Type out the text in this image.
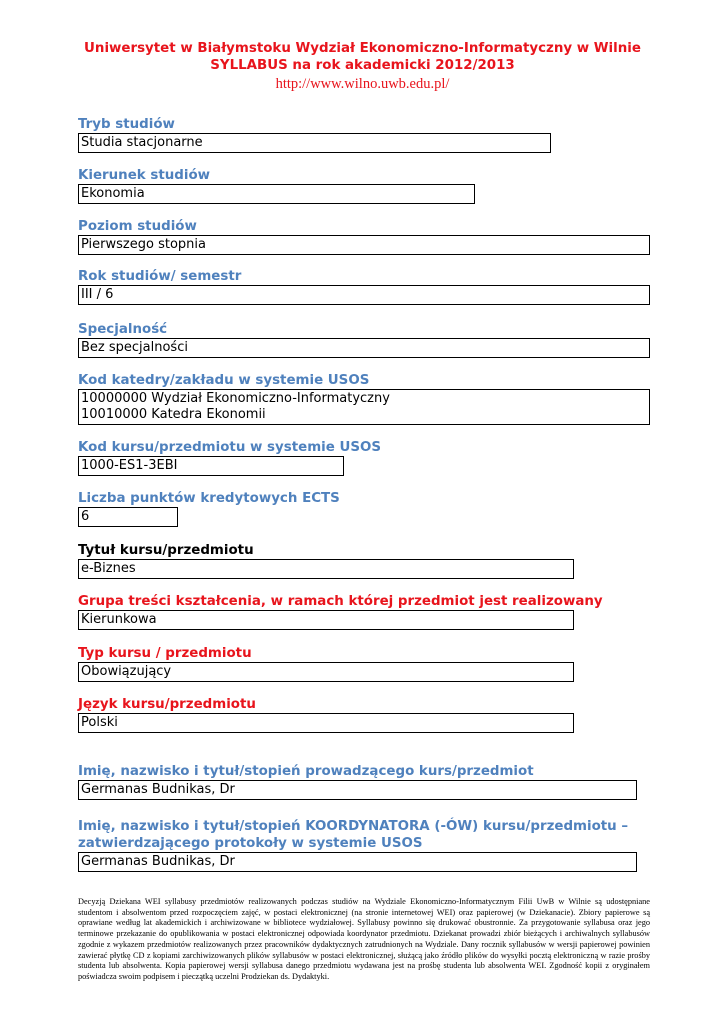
Uniwersytet w Białymstoku Wydział Ekonomiczno-Informatyczny w Wilnie
SYLLABUS na rok akademicki 2012/2013
http://www.wilno.uwb.edu.pl/
Tryb studiów
Studia stacjonarne
Kierunek studiów
Ekonomia
Poziom studiów
Pierwszego stopnia
Rok studiów/ semestr
III / 6
Specjalność
Bez specjalności
Kod katedry/zakładu w systemie USOS
10000000 Wydział Ekonomiczno-Informatyczny
10010000 Katedra Ekonomii
Kod kursu/przedmiotu w systemie USOS
1000-ES1-3EBI
Liczba punktów kredytowych ECTS
6
Tytuł kursu/przedmiotu
e-Biznes
Grupa treści kształcenia, w ramach której przedmiot jest realizowany
Kierunkowa
Typ kursu / przedmiotu
Obowiązujący
Język kursu/przedmiotu
Polski
Imię, nazwisko i tytuł/stopień prowadzącego kurs/przedmiot
Germanas Budnikas, Dr
Imię, nazwisko i tytuł/stopień KOORDYNATORA (-ÓW) kursu/przedmiotu –
zatwierdzającego protokoły w systemie USOS
Germanas Budnikas, Dr
Decyzją Dziekana WEI syllabusy przedmiotów realizowanych podczas studiów na Wydziale Ekonomiczno-Informatycznym Filii UwB w Wilnie są udostępniane studentom i absolwentom przed rozpoczęciem zajęć, w postaci elektronicznej (na stronie internetowej WEI) oraz papierowej (w Dziekanacie). Zbiory papierowe są oprawiane według lat akademickich i archiwizowane w bibliotece wydziałowej. Syllabusy powinno się drukować obustronnie. Za przygotowanie syllabusa oraz jego terminowe przekazanie do opublikowania w postaci elektronicznej odpowiada koordynator przedmiotu. Dziekanat prowadzi zbiór bieżących i archiwalnych syllabusów zgodnie z wykazem przedmiotów realizowanych przez pracowników dydaktycznych zatrudnionych na Wydziale. Dany rocznik syllabusów w wersji papierowej powinien zawierać płytkę CD z kopiami zarchiwizowanych plików syllabusów w postaci elektronicznej, służącą jako źródło plików do wysyłki pocztą elektroniczną w razie prośby studenta lub absolwenta. Kopia papierowej wersji syllabusa danego przedmiotu wydawana jest na prośbę studenta lub absolwenta WEI. Zgodność kopii z oryginałem poświadcza swoim podpisem i pieczątką uczelni Prodziekan ds. Dydaktyki.
